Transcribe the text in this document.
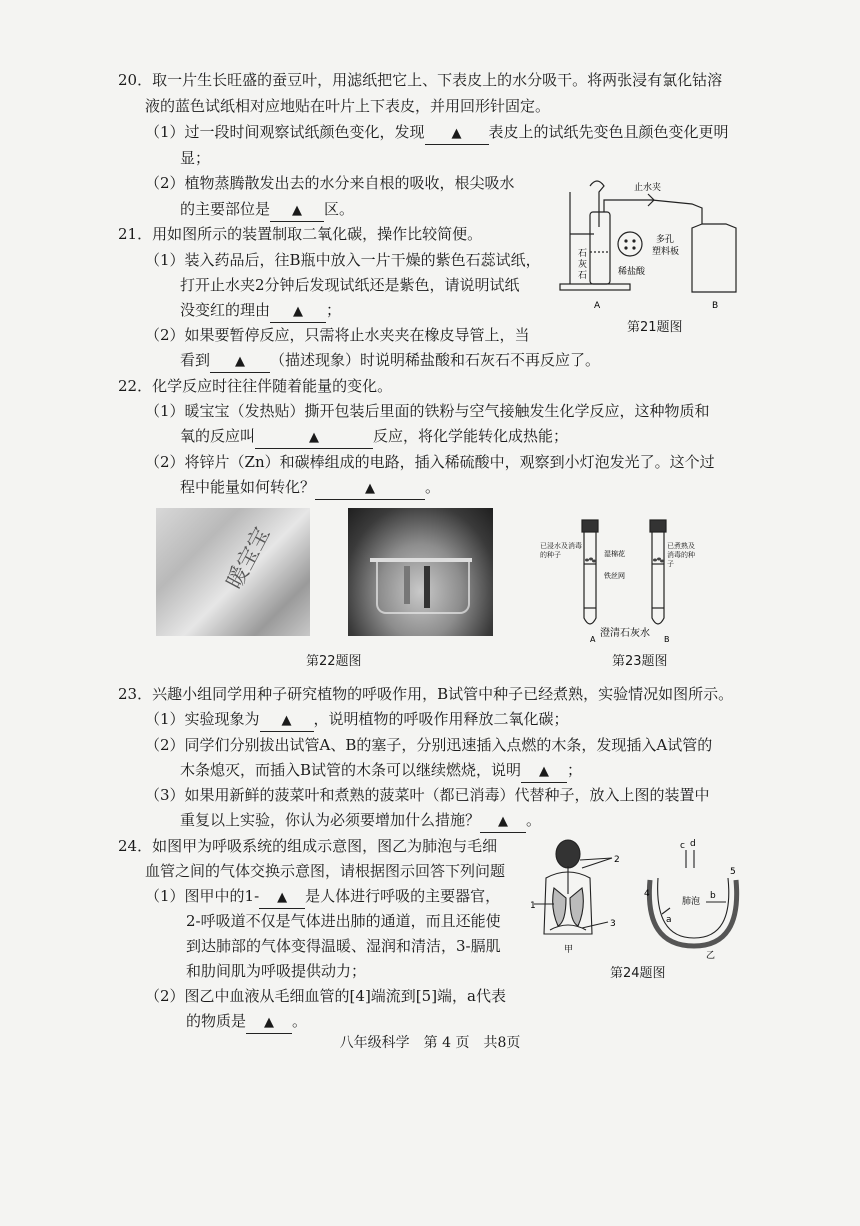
20．取一片生长旺盛的蚕豆叶，用滤纸把它上、下表皮上的水分吸干。将两张浸有氯化钴溶
液的蓝色试纸相对应地贴在叶片上下表皮，并用回形针固定。
（1）过一段时间观察试纸颜色变化，发现 ▲ 表皮上的试纸先变色且颜色变化更明
显；
（2）植物蒸腾散发出去的水分来自根的吸收，根尖吸水
的主要部位是 ▲ 区。
21．用如图所示的装置制取二氧化碳，操作比较简便。
（1）装入药品后，往B瓶中放入一片干燥的紫色石蕊试纸，
打开止水夹2分钟后发现试纸还是紫色，请说明试纸
没变红的理由 ▲ ；
（2）如果要暂停反应，只需将止水夹夹在橡皮导管上，当
看到 ▲ （描述现象）时说明稀盐酸和石灰石不再反应了。
止水夹
多孔
塑料板
石
灰
石	稀盐酸
A	B
第21题图
22．化学反应时往往伴随着能量的变化。
（1）暖宝宝（发热贴）撕开包装后里面的铁粉与空气接触发生化学反应，这种物质和
氧的反应叫	▲	反应，将化学能转化成热能；
（2）将锌片（Zn）和碳棒组成的电路，插入稀硫酸中，观察到小灯泡发光了。这个过
程中能量如何转化？	▲	。
暖宝宝
第22题图
已浸水及消毒的种子	湿棉花
铁丝网
已煮熟及消毒的种子
澄清石灰水
A	B
第23题图
23．兴趣小组同学用种子研究植物的呼吸作用，B试管中种子已经煮熟，实验情况如图所示。
（1）实验现象为 ▲ ，说明植物的呼吸作用释放二氧化碳；
（2）同学们分别拔出试管A、B的塞子，分别迅速插入点燃的木条，发现插入A试管的
木条熄灭，而插入B试管的木条可以继续燃烧，说明 ▲ ；
（3）如果用新鲜的菠菜叶和煮熟的菠菜叶（都已消毒）代替种子，放入上图的装置中
重复以上实验，你认为必须要增加什么措施？ ▲ 。
24．如图甲为呼吸系统的组成示意图，图乙为肺泡与毛细
血管之间的气体交换示意图，请根据图示回答下列问题
（1）图甲中的1- ▲ 是人体进行呼吸的主要器官，
2-呼吸道不仅是气体进出肺的通道，而且还能使
到达肺部的气体变得温暖、湿润和清洁，3-膈肌
和肋间肌为呼吸提供动力；
（2）图乙中血液从毛细血管的[4]端流到[5]端，a代表
的物质是 ▲ 。
1
2
3
甲
c d
4
5
肺泡
b
a
乙
第24题图
八年级科学　第 4 页　共8页
